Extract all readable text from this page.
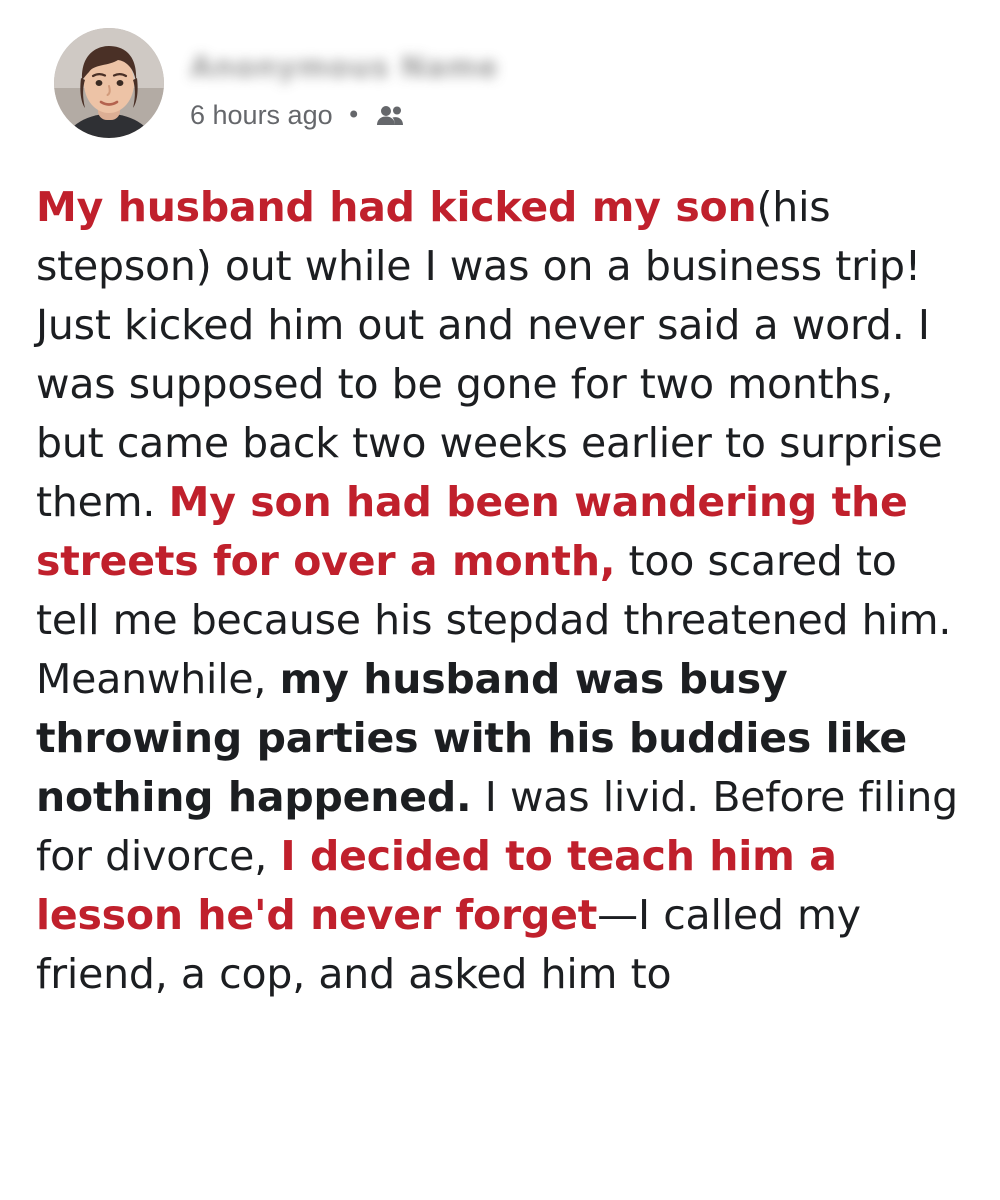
Anonymous Name
6 hours ago •
My husband had kicked my son(his stepson) out while I was on a business trip! Just kicked him out and never said a word. I was supposed to be gone for two months, but came back two weeks earlier to surprise them. My son had been wandering the streets for over a month, too scared to tell me because his stepdad threatened him. Meanwhile, my husband was busy throwing parties with his buddies like nothing happened. I was livid. Before filing for divorce, I decided to teach him a lesson he'd never forget—I called my friend, a cop, and asked him to
